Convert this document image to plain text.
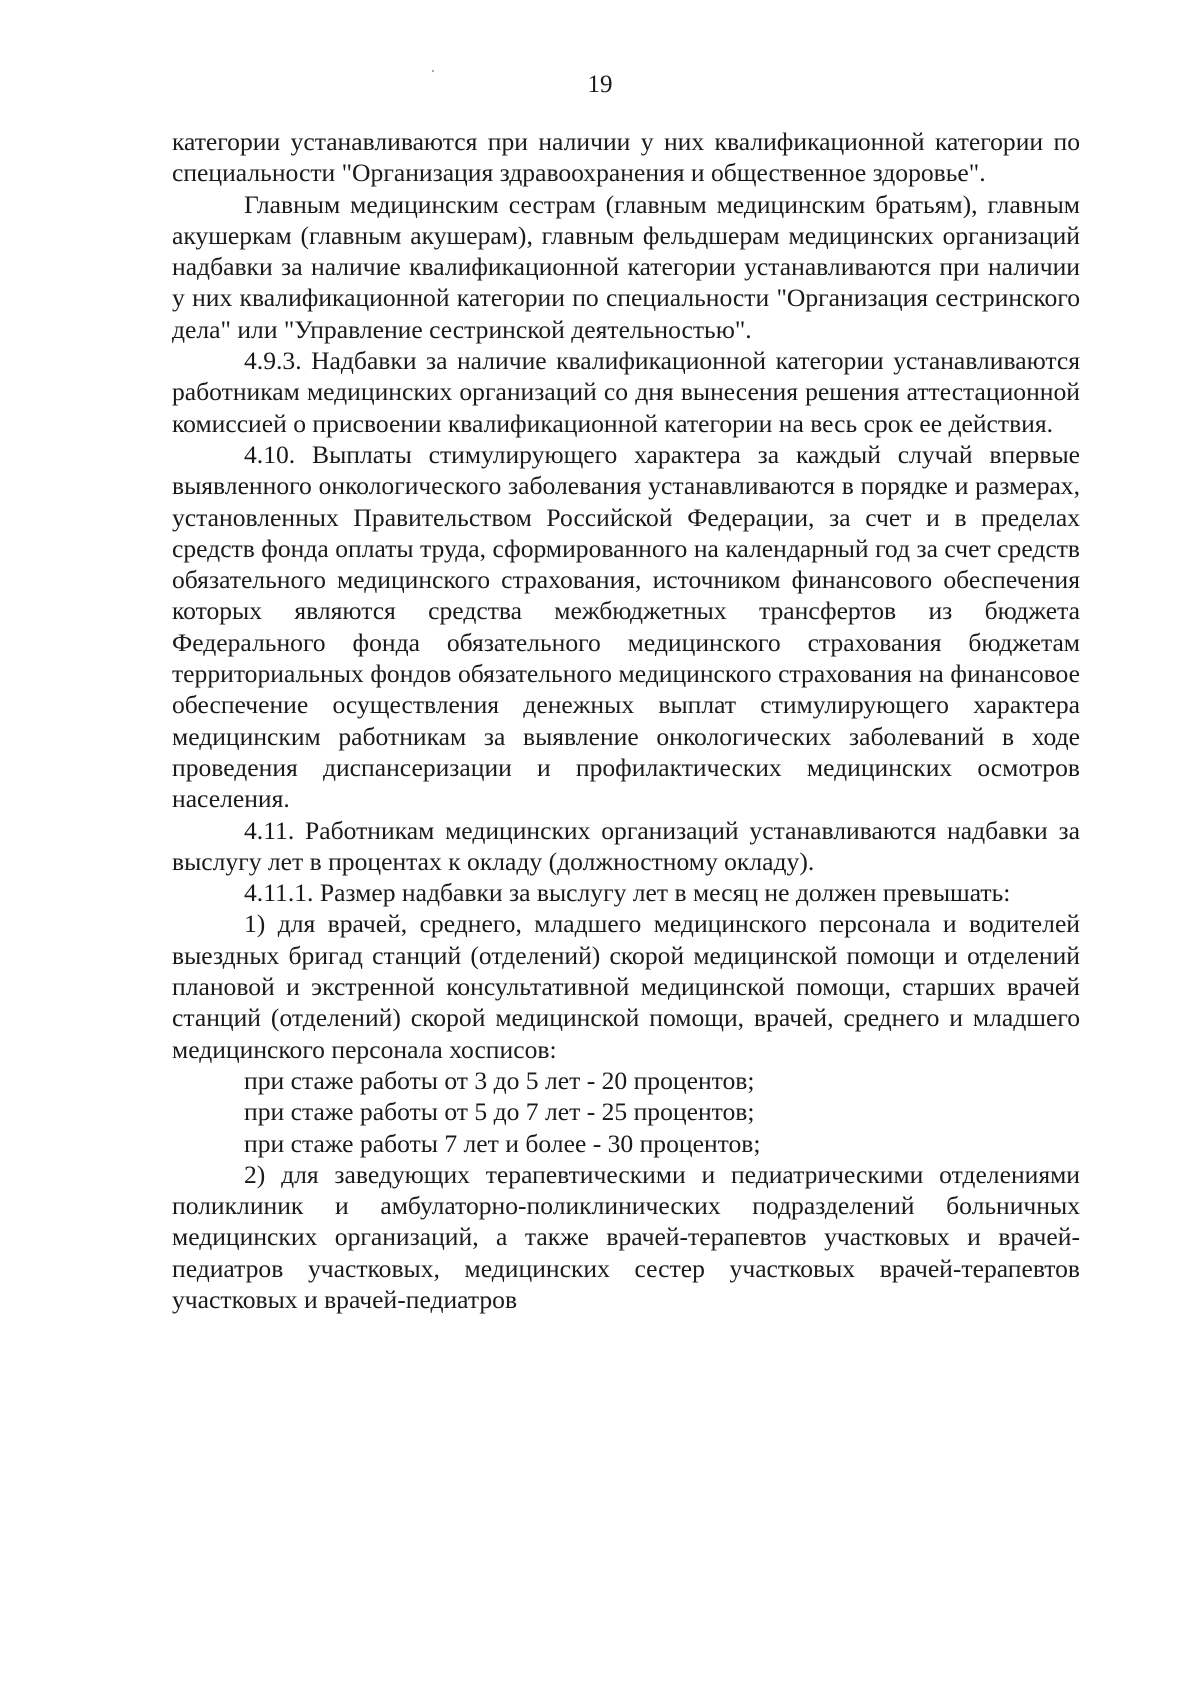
19

категории устанавливаются при наличии у них квалификационной категории по специальности "Организация здравоохранения и общественное здоровье".

Главным медицинским сестрам (главным медицинским братьям), главным акушеркам (главным акушерам), главным фельдшерам медицинских организаций надбавки за наличие квалификационной категории устанавливаются при наличии у них квалификационной категории по специальности "Организация сестринского дела" или "Управление сестринской деятельностью".

4.9.3. Надбавки за наличие квалификационной категории устанавливаются работникам медицинских организаций со дня вынесения решения аттестационной комиссией о присвоении квалификационной категории на весь срок ее действия.

4.10. Выплаты стимулирующего характера за каждый случай впервые выявленного онкологического заболевания устанавливаются в порядке и размерах, установленных Правительством Российской Федерации, за счет и в пределах средств фонда оплаты труда, сформированного на календарный год за счет средств обязательного медицинского страхования, источником финансового обеспечения которых являются средства межбюджетных трансфертов из бюджета Федерального фонда обязательного медицинского страхования бюджетам территориальных фондов обязательного медицинского страхования на финансовое обеспечение осуществления денежных выплат стимулирующего характера медицинским работникам за выявление онкологических заболеваний в ходе проведения диспансеризации и профилактических медицинских осмотров населения.

4.11. Работникам медицинских организаций устанавливаются надбавки за выслугу лет в процентах к окладу (должностному окладу).

4.11.1. Размер надбавки за выслугу лет в месяц не должен превышать:

1) для врачей, среднего, младшего медицинского персонала и водителей выездных бригад станций (отделений) скорой медицинской помощи и отделений плановой и экстренной консультативной медицинской помощи, старших врачей станций (отделений) скорой медицинской помощи, врачей, среднего и младшего медицинского персонала хосписов:

при стаже работы от 3 до 5 лет - 20 процентов;

при стаже работы от 5 до 7 лет - 25 процентов;

при стаже работы 7 лет и более - 30 процентов;

2) для заведующих терапевтическими и педиатрическими отделениями поликлиник и амбулаторно-поликлинических подразделений больничных медицинских организаций, а также врачей-терапевтов участковых и врачей-педиатров участковых, медицинских сестер участковых врачей-терапевтов участковых и врачей-педиатров
